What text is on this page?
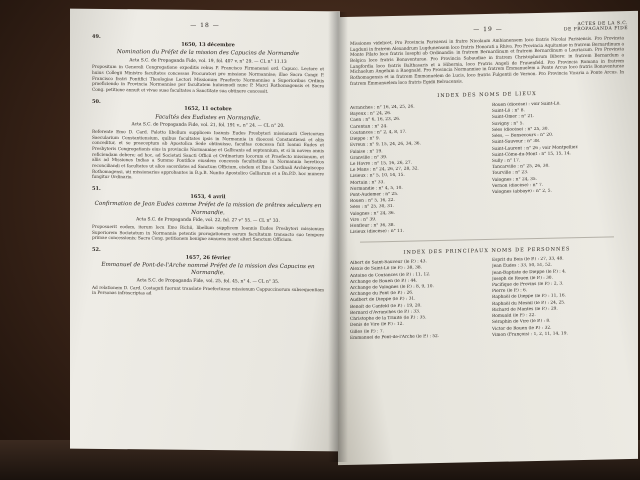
— 18 —
49.
1650, 13 décembre
Nomination du Préfet de la mission des Capucins de Normandie
Acta S.C. de Propaganda Fide, vol. 19, fol. 407 v, n° 29. — CL n° 11.13
Propositum in Generali Congregatione expeditis rebus P. Francisco Firmanensi ord. Capucc. Lectore et huius Collegii Ministro facultates concessas Procuratori pro missione Normanniae; illae Sacra Congr. P. Francisco fratri Pontifici Theologiae Lectori Missionum Praefecto Normanniae a Superioribus Ordinis praeficiendo in Provincia Normanniae per facultatem huiusmodi nunc P. Marci Rothomagensis et Sacra Cong. petitione annuit et vivae suae facultates a Sanctitate sua obtinere concessit.
50.
1652, 11 octobre
Facultés des Eudistes en Normandie.
Acta S.C. de Propaganda Fide, vol. 21, fol. 191 v., n° 24. — CL n° 20.
Referente Emo D. Card. Palotto libellum supplicem Ioannis Eudes Presbyteri missionarii Clericorum Saecularium Constantiensium, quibus facultates ipsis in Normannia in dioecesi Constantiensi et aliis conceditur, et se praeceptum ab Apostolica Sede obtinuisse, facultas concessa fuit Ioanni Eudes et Presbyteris Congregationis eius in provinciis Normanniae et Gallicanis ad septennium, et si in novem annis reficiendam debere; ad hoc, ad Societati Sancti Officii et Ordinarium locorum et Praefecto missionum, et aliis ad Missiones Indias a Summo Pontifice eiusdem concessis facultatibus in Normannia hereticos reconciliandi et facultates ut alios sacerdotes ad Sanctum Officium, eisdem et Emo Cardinali Archiepiscopo Rothomagensi, uti missionarios approbantes in B.p.B. Nuntio Apostolico Galliarum et a Bn.P.D. hoc munere fungitur Ordinario.
51.
1653, 4 avril
Confirmation de Jean Eudes comme Préfet de la mission de prêtres séculiers en Normandie.
Acta S.C. de Propaganda Fide, vol. 22, fol. 27 v° 55. — CL n° 33.
Proposuerit eodem, iterum locu Emo Richii, libellum supplicem Ioannis Eudes Presbyteri missionum Superiorem Societatum in Normannia petentis prorogationem earum facultatum transacto suo tempore primae concessionis; Sacra Cong. petitionem benigne annuens iussit alteri Sanctum Officium.
52.
1657, 26 février
Emmanuel de Pont-de-l'Arche nommé Préfet de la mission des Capucins en Normandie.
Acta S.C. de Propaganda Fide, vol. 25, fol. 45, n° 4. — CL n° 35.
Ad relationem D. Card. Costaguti fuerunt translate Praefecturae missionum Cappuccinorum subsequentiam in Personas infrascriptas ad
ACTES DE LA S.C.
DE PROPAGANDA FIDE
— 19 —
Missiones videlicet, Pro Provincia Parisiensi in fratre Nicolaum Ambianensem loco fratris Nicolai Parisiensis. Pro Provincia Lugduni in fratrem Alexandrum Lugdunensem loco fratris Honorati a Rhiva. Pro Provincia Aquitaniae in fratrem Bernardinum a Monte Pilato loco fratris Iosephi ab Ordinandis: in fratrem Bernardinum et fratrem Bernardinum a Lauriacum. Pro Provincia Belgica loco fratris Bonaventurae. Pro Provincia Sabaudiae in fratrem Christophorum Bibere: in fratrem Bernardum a Langfordia loco fratris Balthasaris et a Hibernia, loco Fratris Angeli de Frauenfeld. Pro Provincia Romana in fratrem Michaelum Angelum a Raegnald. Pro Provincia Normanniae in fratrem Emmanuelem a Ponte Arcus loco fratris Bonaventurae Rothomagensis et in fratrem Emmanuelem de Lucis, loco fratris Fulgentii de Vernon. Pro Provincia Vicaria a Ponte Arcus. In fratrem Emmanuelem loco fratris Egidii Belvacensis.
INDEX DES NOMS DE LIEUX
Avranches : n° 16, 24, 25, 26.
Bayeux : n° 24, 26.
Caen : n° 6, 16, 23, 26.
Carentan : n° 24.
Coutances : n° 2, 4, 8, 17.
Dieppe : n° 9.
Évreux : n° 9, 15, 24, 26, 34, 36.
Falaise : n° 19.
Granville : n° 39.
Le Havre : n° 15, 16, 26, 27.
Le Mans : n° 24, 26, 27, 28, 32.
Lisieux : n° 5, 10, 14, 15.
Mortain : n° 33.
Normandie : n° 4, 5, 10.
Pont-Audemer : n° 25.
Rouen : n° 5, 16, 22.
Sées : n° 25, 30, 31.
Valognes : n° 24, 36.
Vire : n° 39.
Honfleur : n° 36, 38.
Lisieux (diocèse) : n° 11.
Rouen (diocèse) : voir Saint-Lô.
Saint-Lô : n° 8.
Saint-Omer : n° 21.
Savigny : n° 5.
Sées (diocèse) : n° 25, 30.
Sées, — Bonsecours : n° 20.
Saint-Sauveur : n° 38.
Saint-Laurent : n° 26 ; voir Montpellier.
Saint-Côme-du-Mont : n° 15, 15, 14.
Sully : n° 17.
Tancarville : n° 25, 26, 30.
Tourville : n° 23.
Valognes : n° 24, 35.
Vernon (diocèse) : n° 7.
Valognes (abbaye) : n° 2, 5.
INDEX DES PRINCIPAUX NOMS DE PERSONNES
Albert de Saint-Sauveur (le P.) : 43.
Alexis de Saint-Lô (le P.) : 38, 38.
Antoine de Coutances (le P.) : 11, 12.
Archange de Rouen (le P.) : 44.
Archange de Valognes (le P.) : 8, 9, 10.
Archange du Pont (le P.) : 26.
Audbert de Dieppe (le P.) : 31.
Benoît de Canfeld (le P.) : 19, 20.
Bernard d'Avranches (le P.) : 33.
Christophe de la Trinité (le P.) : 35.
Denis de Vire (le P.) : 12.
Gilles (le P.) : 7.
Emmanuel de Pont-de-l'Arche (le P.) : 52.
Esprit du Bois (le P.) : 27, 33, 48.
Jean Eudes : 33, 50, 51, 52.
Jean-Baptiste de Dieppe (le P.) : 4.
Joseph de Rouen (le P.) : 30.
Pacifique de Provins (le P.) : 2, 3.
Pierre (le P.) : 6.
Raphaël de Dieppe (le P.) : 11, 16.
Raphaël du Mesnil (le P.) : 24, 25.
Richard de Mantes (le P.) : 29.
Romuald (le P.) : 22.
Séraphin de Vire (le P.) : 8.
Victor de Rouen (le P.) : 32.
Vimon (François) : 1, 2, 11, 14, 19.
